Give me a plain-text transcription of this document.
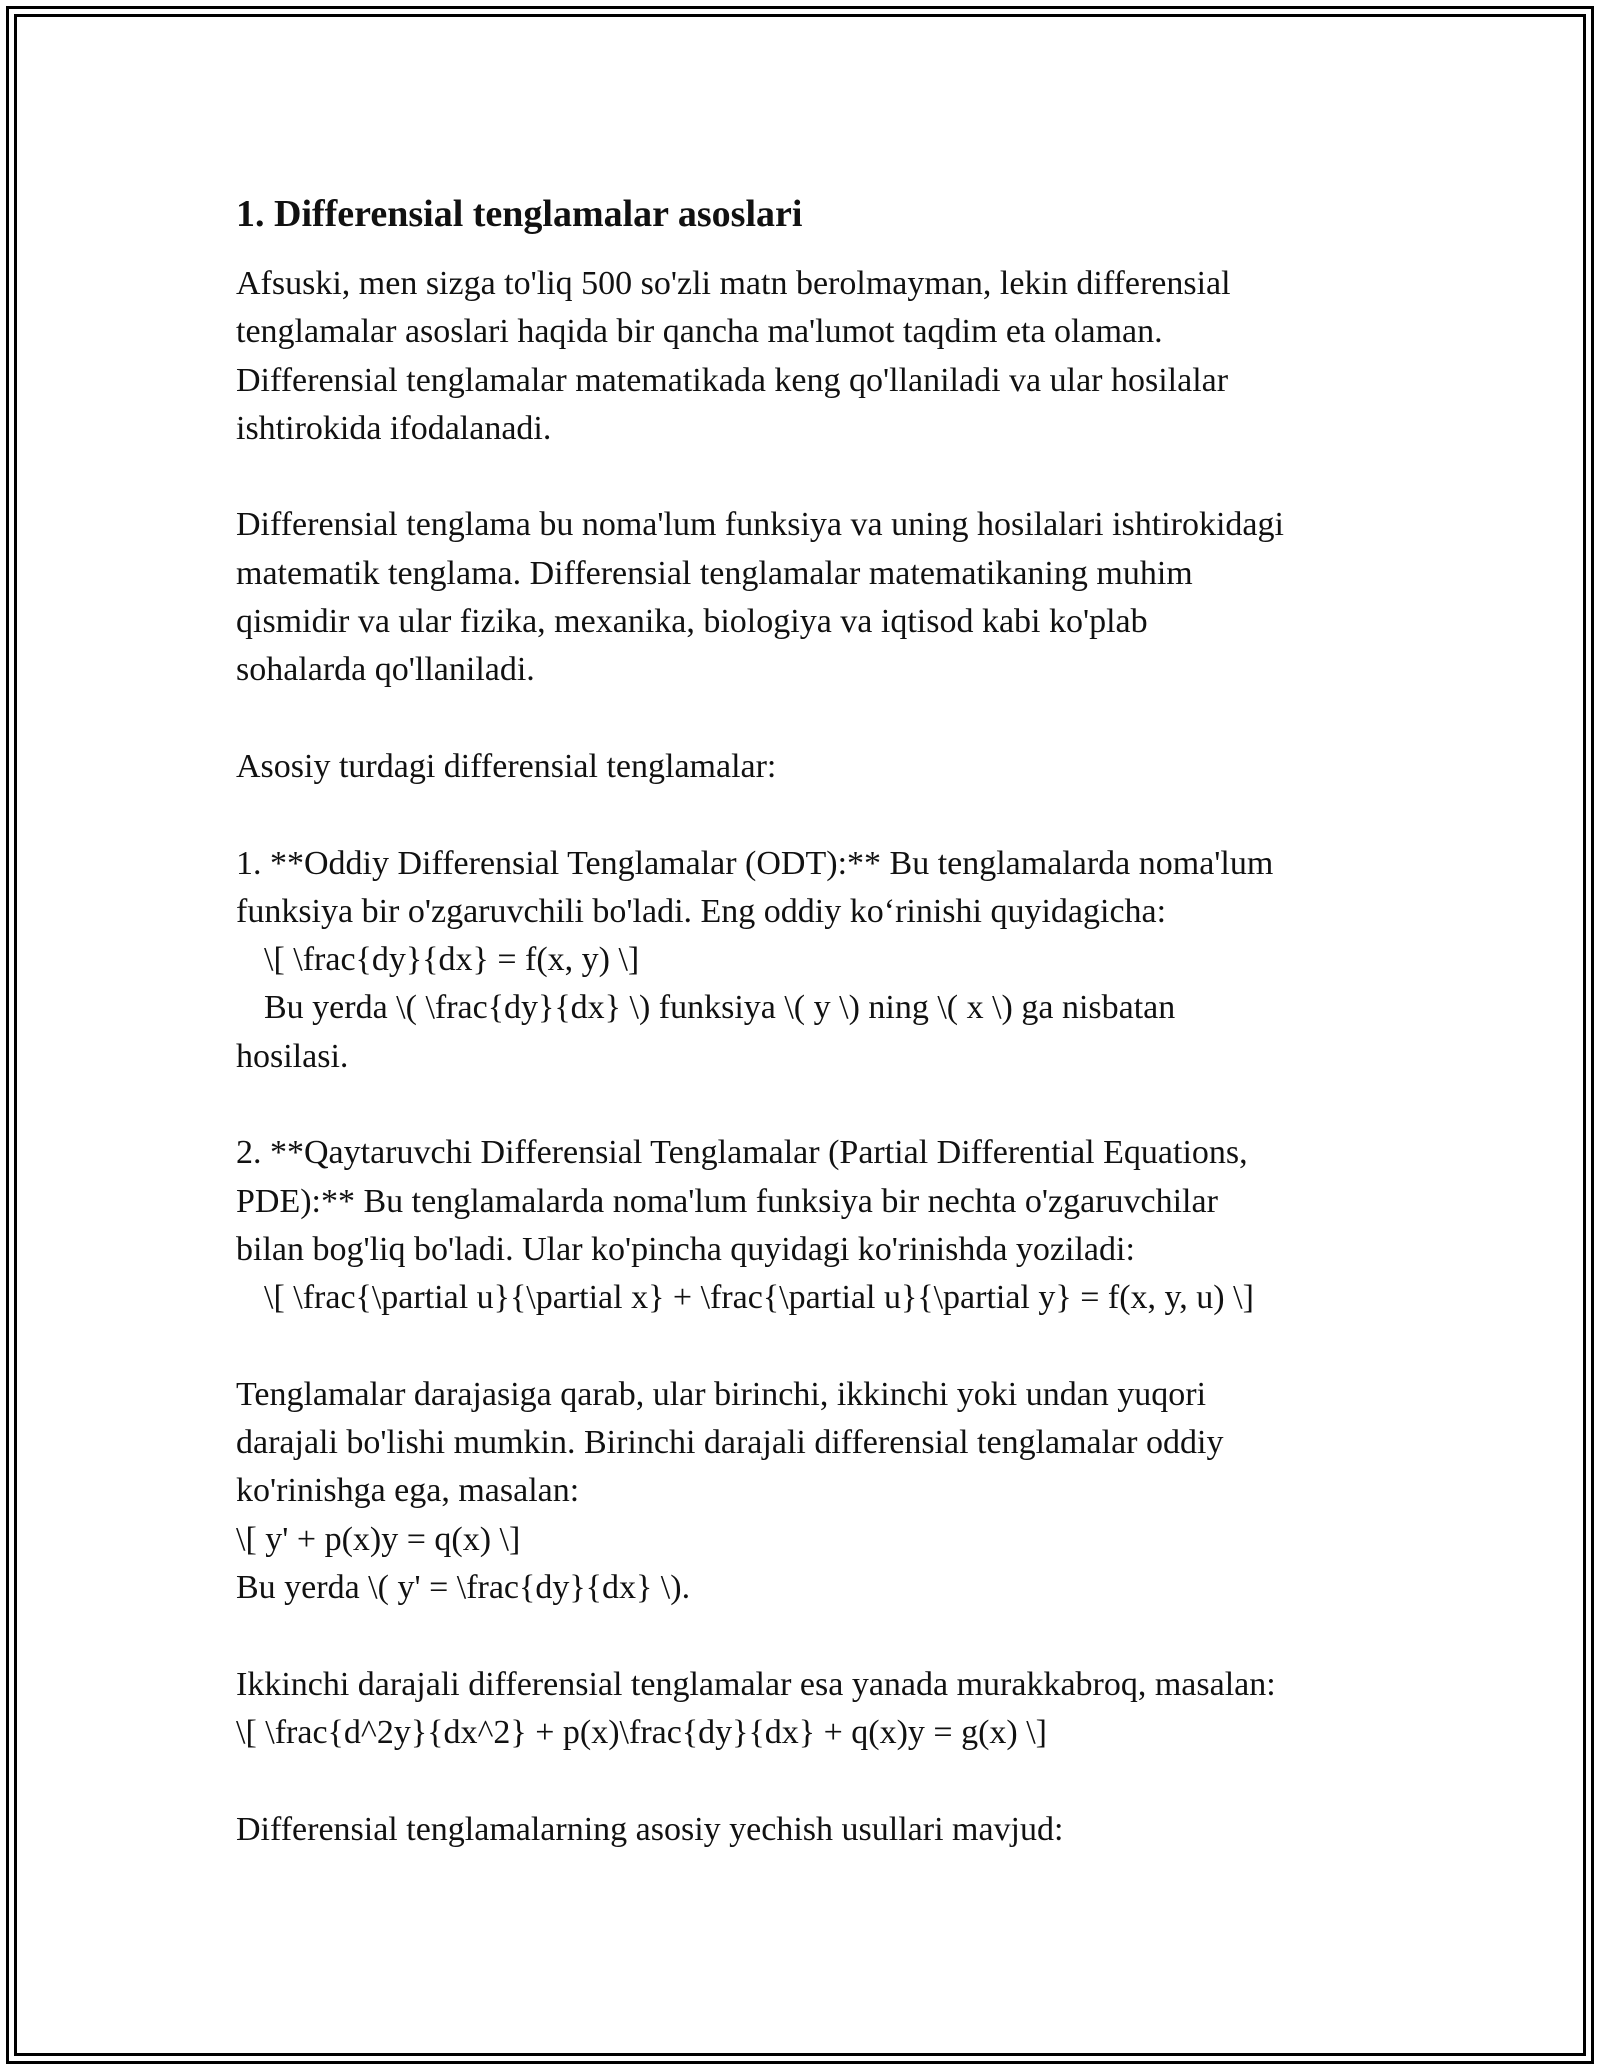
1. Differensial tenglamalar asoslari
Afsuski, men sizga to'liq 500 so'zli matn berolmayman, lekin differensial
tenglamalar asoslari haqida bir qancha ma'lumot taqdim eta olaman.
Differensial tenglamalar matematikada keng qo'llaniladi va ular hosilalar
ishtirokida ifodalanadi.
Differensial tenglama bu noma'lum funksiya va uning hosilalari ishtirokidagi
matematik tenglama. Differensial tenglamalar matematikaning muhim
qismidir va ular fizika, mexanika, biologiya va iqtisod kabi ko'plab
sohalarda qo'llaniladi.
Asosiy turdagi differensial tenglamalar:
1. **Oddiy Differensial Tenglamalar (ODT):** Bu tenglamalarda noma'lum
funksiya bir o'zgaruvchili bo'ladi. Eng oddiy ko‘rinishi quyidagicha:
\[ \frac{dy}{dx} = f(x, y) \]
Bu yerda \( \frac{dy}{dx} \) funksiya \( y \) ning \( x \) ga nisbatan
hosilasi.
2. **Qaytaruvchi Differensial Tenglamalar (Partial Differential Equations,
PDE):** Bu tenglamalarda noma'lum funksiya bir nechta o'zgaruvchilar
bilan bog'liq bo'ladi. Ular ko'pincha quyidagi ko'rinishda yoziladi:
\[ \frac{\partial u}{\partial x} + \frac{\partial u}{\partial y} = f(x, y, u) \]
Tenglamalar darajasiga qarab, ular birinchi, ikkinchi yoki undan yuqori
darajali bo'lishi mumkin. Birinchi darajali differensial tenglamalar oddiy
ko'rinishga ega, masalan:
\[ y' + p(x)y = q(x) \]
Bu yerda \( y' = \frac{dy}{dx} \).
Ikkinchi darajali differensial tenglamalar esa yanada murakkabroq, masalan:
\[ \frac{d^2y}{dx^2} + p(x)\frac{dy}{dx} + q(x)y = g(x) \]
Differensial tenglamalarning asosiy yechish usullari mavjud:
